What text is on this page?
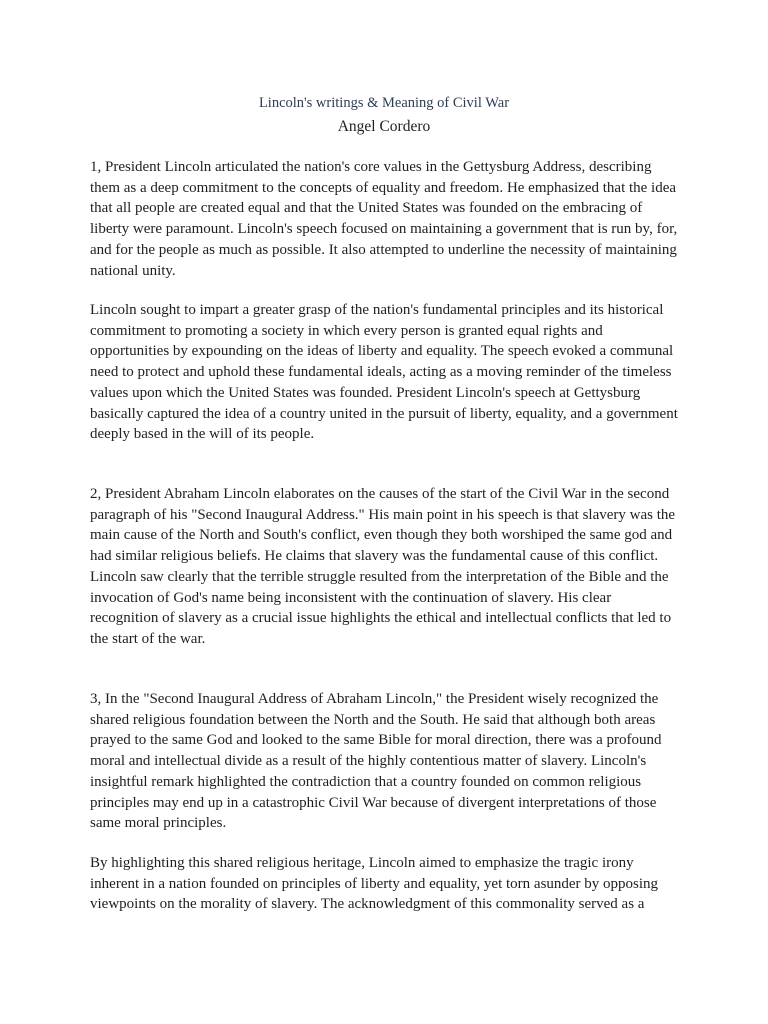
Lincoln's writings & Meaning of Civil War
Angel Cordero

1, President Lincoln articulated the nation's core values in the Gettysburg Address, describing them as a deep commitment to the concepts of equality and freedom. He emphasized that the idea that all people are created equal and that the United States was founded on the embracing of liberty were paramount. Lincoln's speech focused on maintaining a government that is run by, for, and for the people as much as possible. It also attempted to underline the necessity of maintaining national unity.

Lincoln sought to impart a greater grasp of the nation's fundamental principles and its historical commitment to promoting a society in which every person is granted equal rights and opportunities by expounding on the ideas of liberty and equality. The speech evoked a communal need to protect and uphold these fundamental ideals, acting as a moving reminder of the timeless values upon which the United States was founded. President Lincoln's speech at Gettysburg basically captured the idea of a country united in the pursuit of liberty, equality, and a government deeply based in the will of its people.

2, President Abraham Lincoln elaborates on the causes of the start of the Civil War in the second paragraph of his "Second Inaugural Address." His main point in his speech is that slavery was the main cause of the North and South's conflict, even though they both worshiped the same god and had similar religious beliefs. He claims that slavery was the fundamental cause of this conflict. Lincoln saw clearly that the terrible struggle resulted from the interpretation of the Bible and the invocation of God's name being inconsistent with the continuation of slavery. His clear recognition of slavery as a crucial issue highlights the ethical and intellectual conflicts that led to the start of the war.

3, In the "Second Inaugural Address of Abraham Lincoln," the President wisely recognized the shared religious foundation between the North and the South. He said that although both areas prayed to the same God and looked to the same Bible for moral direction, there was a profound moral and intellectual divide as a result of the highly contentious matter of slavery. Lincoln's insightful remark highlighted the contradiction that a country founded on common religious principles may end up in a catastrophic Civil War because of divergent interpretations of those same moral principles.

By highlighting this shared religious heritage, Lincoln aimed to emphasize the tragic irony inherent in a nation founded on principles of liberty and equality, yet torn asunder by opposing viewpoints on the morality of slavery. The acknowledgment of this commonality served as a
